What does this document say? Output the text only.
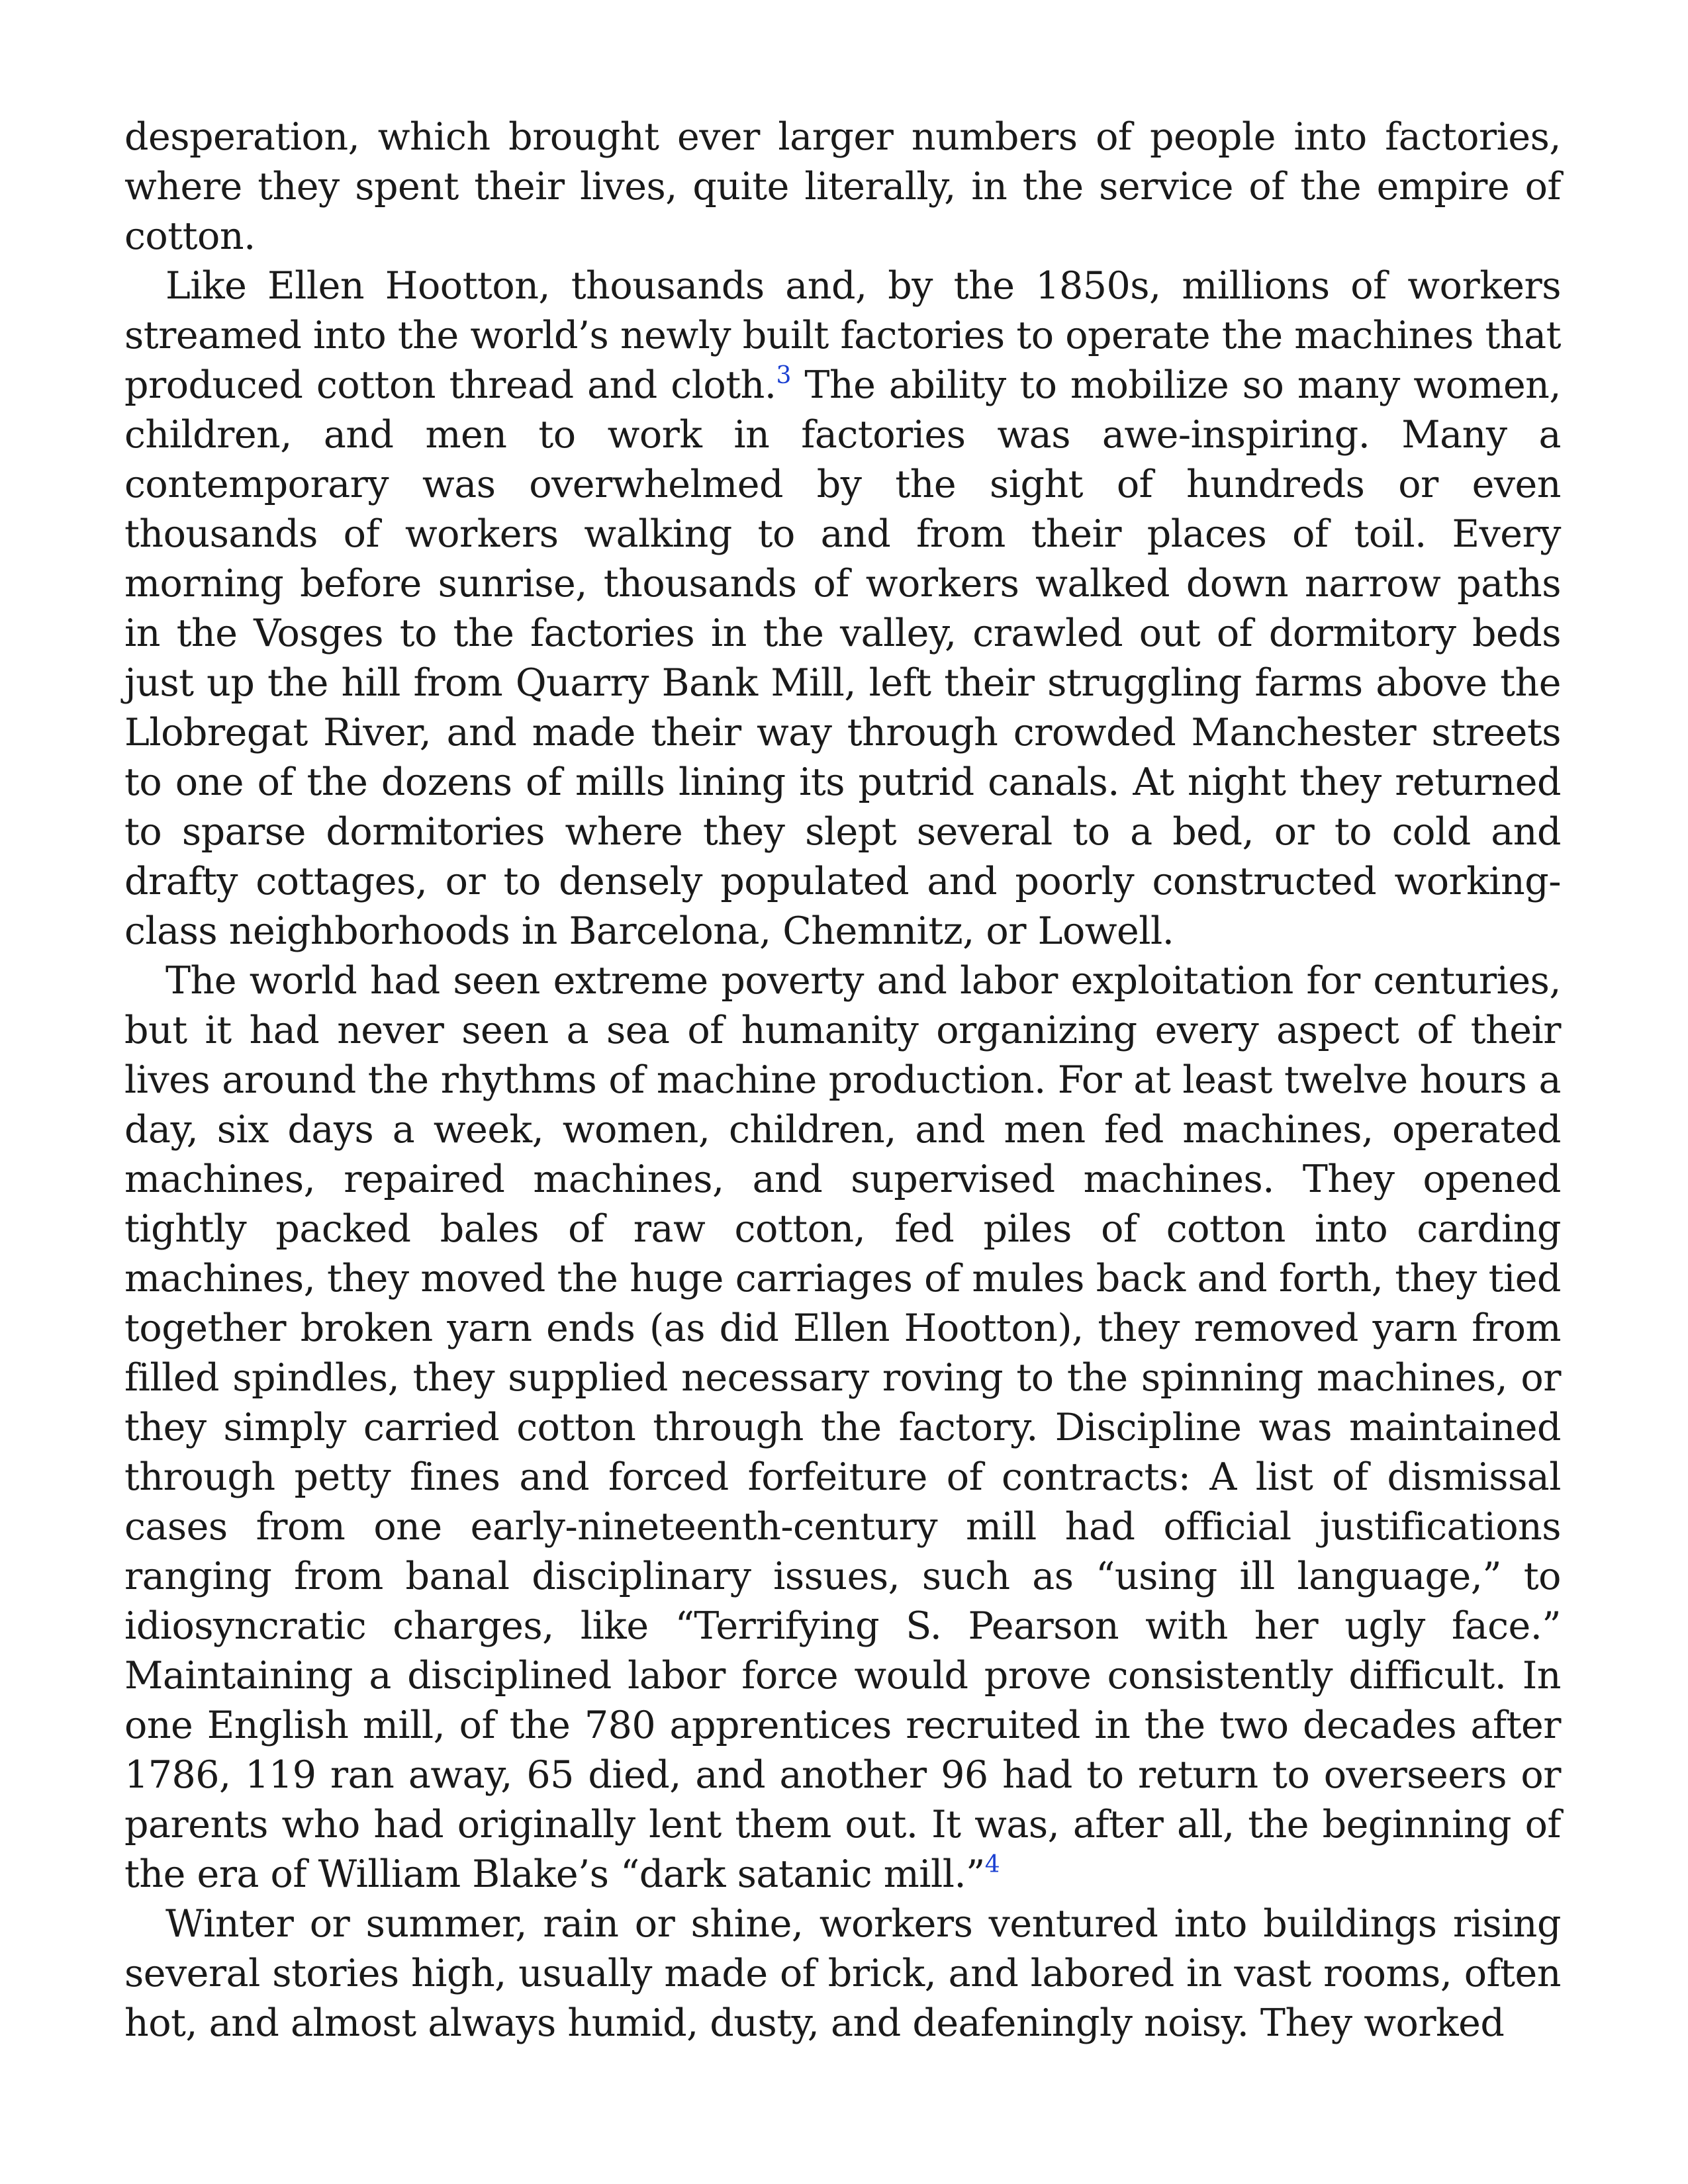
desperation, which brought ever larger numbers of people into factories, where they spent their lives, quite literally, in the service of the empire of cotton.

Like Ellen Hootton, thousands and, by the 1850s, millions of workers streamed into the world’s newly built factories to operate the machines that produced cotton thread and cloth.$^3$ The ability to mobilize so many women, children, and men to work in factories was awe-inspiring. Many a contemporary was overwhelmed by the sight of hundreds or even thousands of workers walking to and from their places of toil. Every morning before sunrise, thousands of workers walked down narrow paths in the Vosges to the factories in the valley, crawled out of dormitory beds just up the hill from Quarry Bank Mill, left their struggling farms above the Llobregat River, and made their way through crowded Manchester streets to one of the dozens of mills lining its putrid canals. At night they returned to sparse dormitories where they slept several to a bed, or to cold and drafty cottages, or to densely populated and poorly constructed working-class neighborhoods in Barcelona, Chemnitz, or Lowell.

The world had seen extreme poverty and labor exploitation for centuries, but it had never seen a sea of humanity organizing every aspect of their lives around the rhythms of machine production. For at least twelve hours a day, six days a week, women, children, and men fed machines, operated machines, repaired machines, and supervised machines. They opened tightly packed bales of raw cotton, fed piles of cotton into carding machines, they moved the huge carriages of mules back and forth, they tied together broken yarn ends (as did Ellen Hootton), they removed yarn from filled spindles, they supplied necessary roving to the spinning machines, or they simply carried cotton through the factory. Discipline was maintained through petty fines and forced forfeiture of contracts: A list of dismissal cases from one early-nineteenth-century mill had official justifications ranging from banal disciplinary issues, such as “using ill language,” to idiosyncratic charges, like “Terrifying S. Pearson with her ugly face.” Maintaining a disciplined labor force would prove consistently difficult. In one English mill, of the 780 apprentices recruited in the two decades after 1786, 119 ran away, 65 died, and another 96 had to return to overseers or parents who had originally lent them out. It was, after all, the beginning of the era of William Blake’s “dark satanic mill.”$^4$

Winter or summer, rain or shine, workers ventured into buildings rising several stories high, usually made of brick, and labored in vast rooms, often hot, and almost always humid, dusty, and deafeningly noisy. They worked
